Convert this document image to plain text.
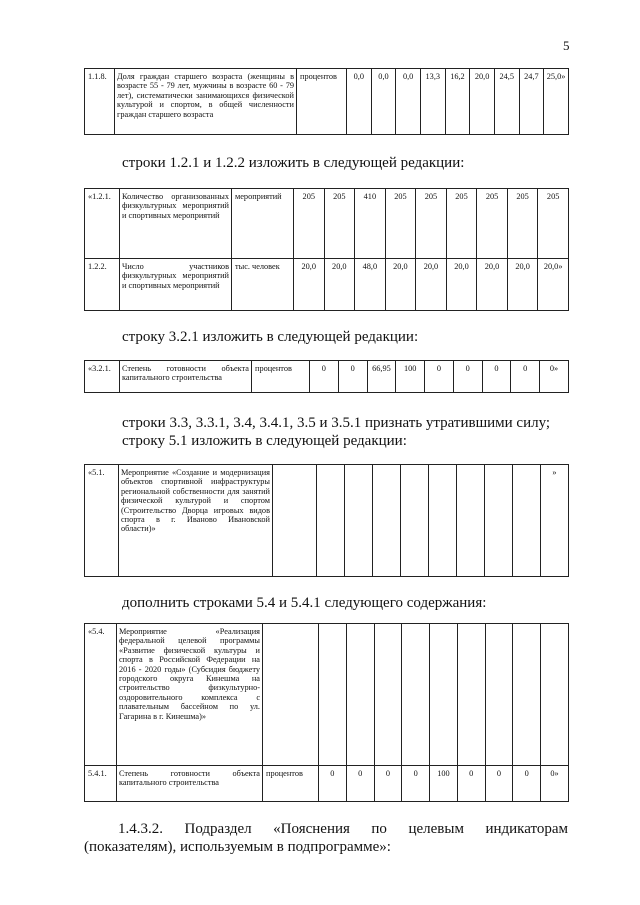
5
1.1.8.	Доля граждан старшего возраста (женщины в возрасте 55 - 79 лет, мужчины в возрасте 60 - 79 лет), систематически занимающихся физической культурой и спортом, в общей численности граждан старшего возраста	процентов	0,0	0,0	0,0	13,3	16,2	20,0	24,5	24,7	25,0»
строки 1.2.1 и 1.2.2 изложить в следующей редакции:
«1.2.1.	Количество организованных физкультурных мероприятий и спортивных мероприятий	мероприятий	205	205	410	205	205	205	205	205	205
1.2.2.	Число участников физкультурных мероприятий и спортивных мероприятий	тыс. человек	20,0	20,0	48,0	20,0	20,0	20,0	20,0	20,0	20,0»
строку 3.2.1 изложить в следующей редакции:
«3.2.1.	Степень готовности объекта капитального строительства	процентов	0	0	66,95	100	0	0	0	0	0»
строки 3.3, 3.3.1, 3.4, 3.4.1, 3.5 и 3.5.1 признать утратившими силу;
строку 5.1 изложить в следующей редакции:
«5.1.	Мероприятие «Создание и модернизация объектов спортивной инфраструктуры региональной собственности для занятий физической культурой и спортом (Строительство Дворца игровых видов спорта в г. Иваново Ивановской области)»										»
дополнить строками 5.4 и 5.4.1 следующего содержания:
«5.4.	Мероприятие «Реализация федеральной целевой программы «Развитие физической культуры и спорта в Российской Федерации на 2016 - 2020 годы» (Субсидия бюджету городского округа Кинешма на строительство физкультурно-оздоровительного комплекса с плавательным бассейном по ул. Гагарина в г. Кинешма)»										
5.4.1.	Степень готовности объекта капитального строительства	процентов	0	0	0	0	100	0	0	0	0»
1.4.3.2. Подраздел «Пояснения по целевым индикаторам
(показателям), используемым в подпрограмме»:
